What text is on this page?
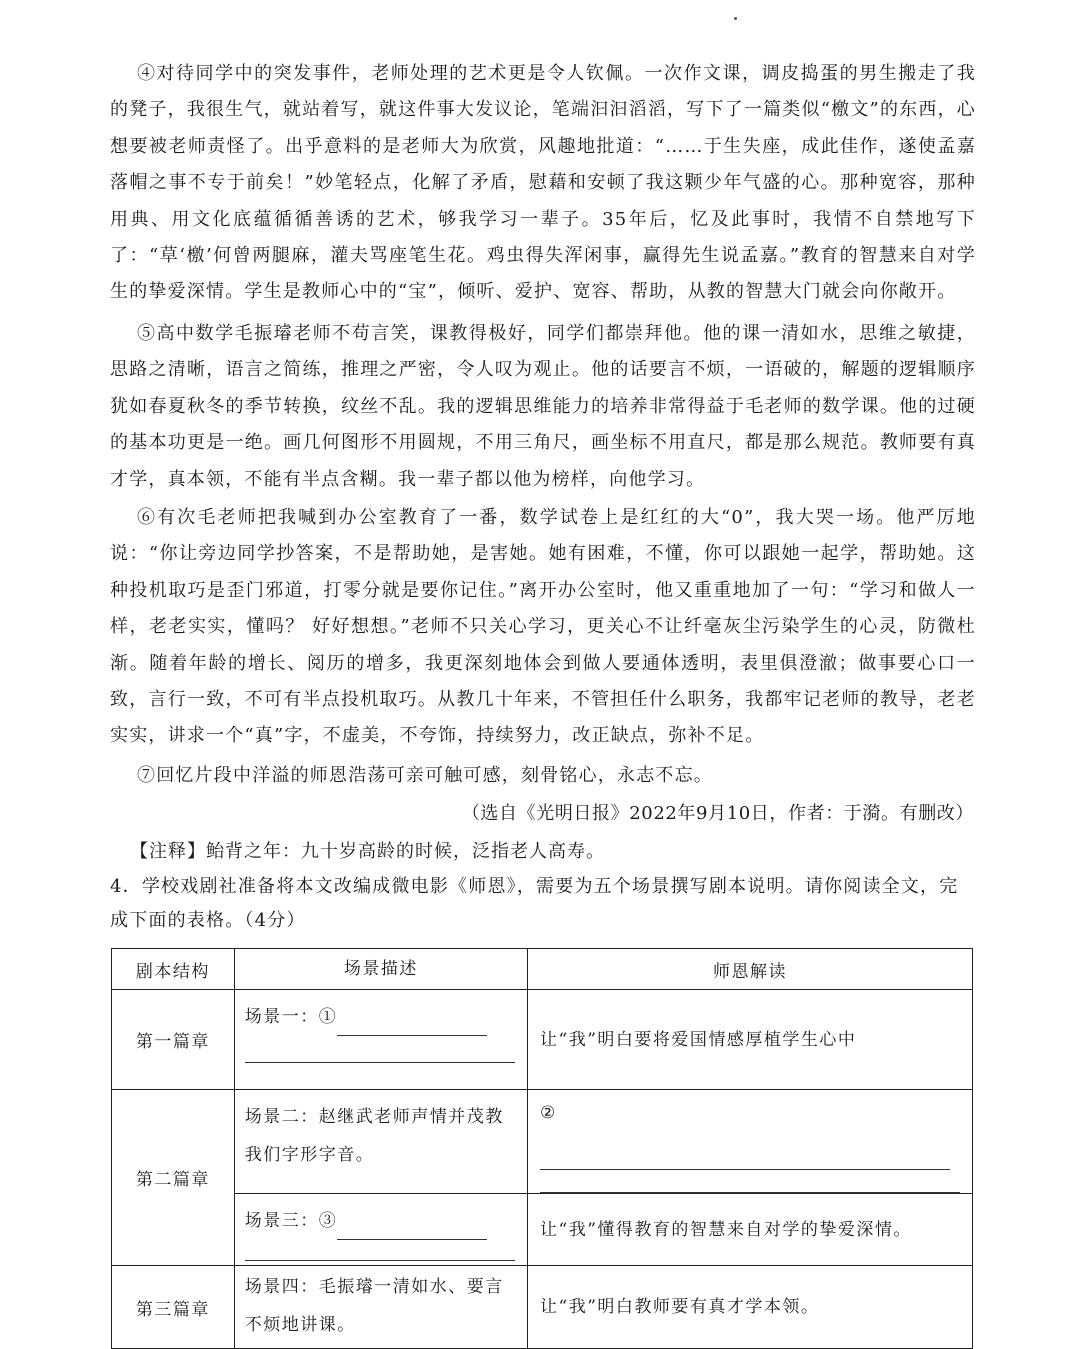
④对待同学中的突发事件，老师处理的艺术更是令人钦佩。一次作文课，调皮捣蛋的男生搬走了我的凳子，我很生气，就站着写，就这件事大发议论，笔端汩汩滔滔，写下了一篇类似“檄文”的东西，心想要被老师责怪了。出乎意料的是老师大为欣赏，风趣地批道：“……于生失座，成此佳作，遂使孟嘉落帽之事不专于前矣！”妙笔轻点，化解了矛盾，慰藉和安顿了我这颗少年气盛的心。那种宽容，那种用典、用文化底蕴循循善诱的艺术，够我学习一辈子。35年后，忆及此事时，我情不自禁地写下了：“草‘檄’何曾两腿麻，灌夫骂座笔生花。鸡虫得失浑闲事，赢得先生说孟嘉。”教育的智慧来自对学生的挚爱深情。学生是教师心中的“宝”，倾听、爱护、宽容、帮助，从教的智慧大门就会向你敞开。

⑤高中数学毛振璿老师不苟言笑，课教得极好，同学们都崇拜他。他的课一清如水，思维之敏捷，思路之清晰，语言之简练，推理之严密，令人叹为观止。他的话要言不烦，一语破的，解题的逻辑顺序犹如春夏秋冬的季节转换，纹丝不乱。我的逻辑思维能力的培养非常得益于毛老师的数学课。他的过硬的基本功更是一绝。画几何图形不用圆规，不用三角尺，画坐标不用直尺，都是那么规范。教师要有真才学，真本领，不能有半点含糊。我一辈子都以他为榜样，向他学习。

⑥有次毛老师把我喊到办公室教育了一番，数学试卷上是红红的大“0”，我大哭一场。他严厉地说：“你让旁边同学抄答案，不是帮助她，是害她。她有困难，不懂，你可以跟她一起学，帮助她。这种投机取巧是歪门邪道，打零分就是要你记住。”离开办公室时，他又重重地加了一句：“学习和做人一样，老老实实，懂吗？ 好好想想。”老师不只关心学习，更关心不让纤毫灰尘污染学生的心灵，防微杜渐。随着年龄的增长、阅历的增多，我更深刻地体会到做人要通体透明，表里俱澄澈；做事要心口一致，言行一致，不可有半点投机取巧。从教几十年来，不管担任什么职务，我都牢记老师的教导，老老实实，讲求一个“真”字，不虚美，不夸饰，持续努力，改正缺点，弥补不足。

⑦回忆片段中洋溢的师恩浩荡可亲可触可感，刻骨铭心，永志不忘。

（选自《光明日报》2022年9月10日，作者：于漪。有删改）

【注释】鲐背之年：九十岁高龄的时候，泛指老人高寿。

4．学校戏剧社准备将本文改编成微电影《师恩》，需要为五个场景撰写剧本说明。请你阅读全文，完成下面的表格。（4分）

剧本结构	场景描述	师恩解读
第一篇章	场景一：①	让“我”明白要将爱国情感厚植学生心中
第二篇章	场景二：赵继武老师声情并茂教我们字形字音。	②

	场景三：③	让“我”懂得教育的智慧来自对学的挚爱深情。
第三篇章	场景四：毛振璿一清如水、要言不烦地讲课。	让“我”明白教师要有真才学本领。
